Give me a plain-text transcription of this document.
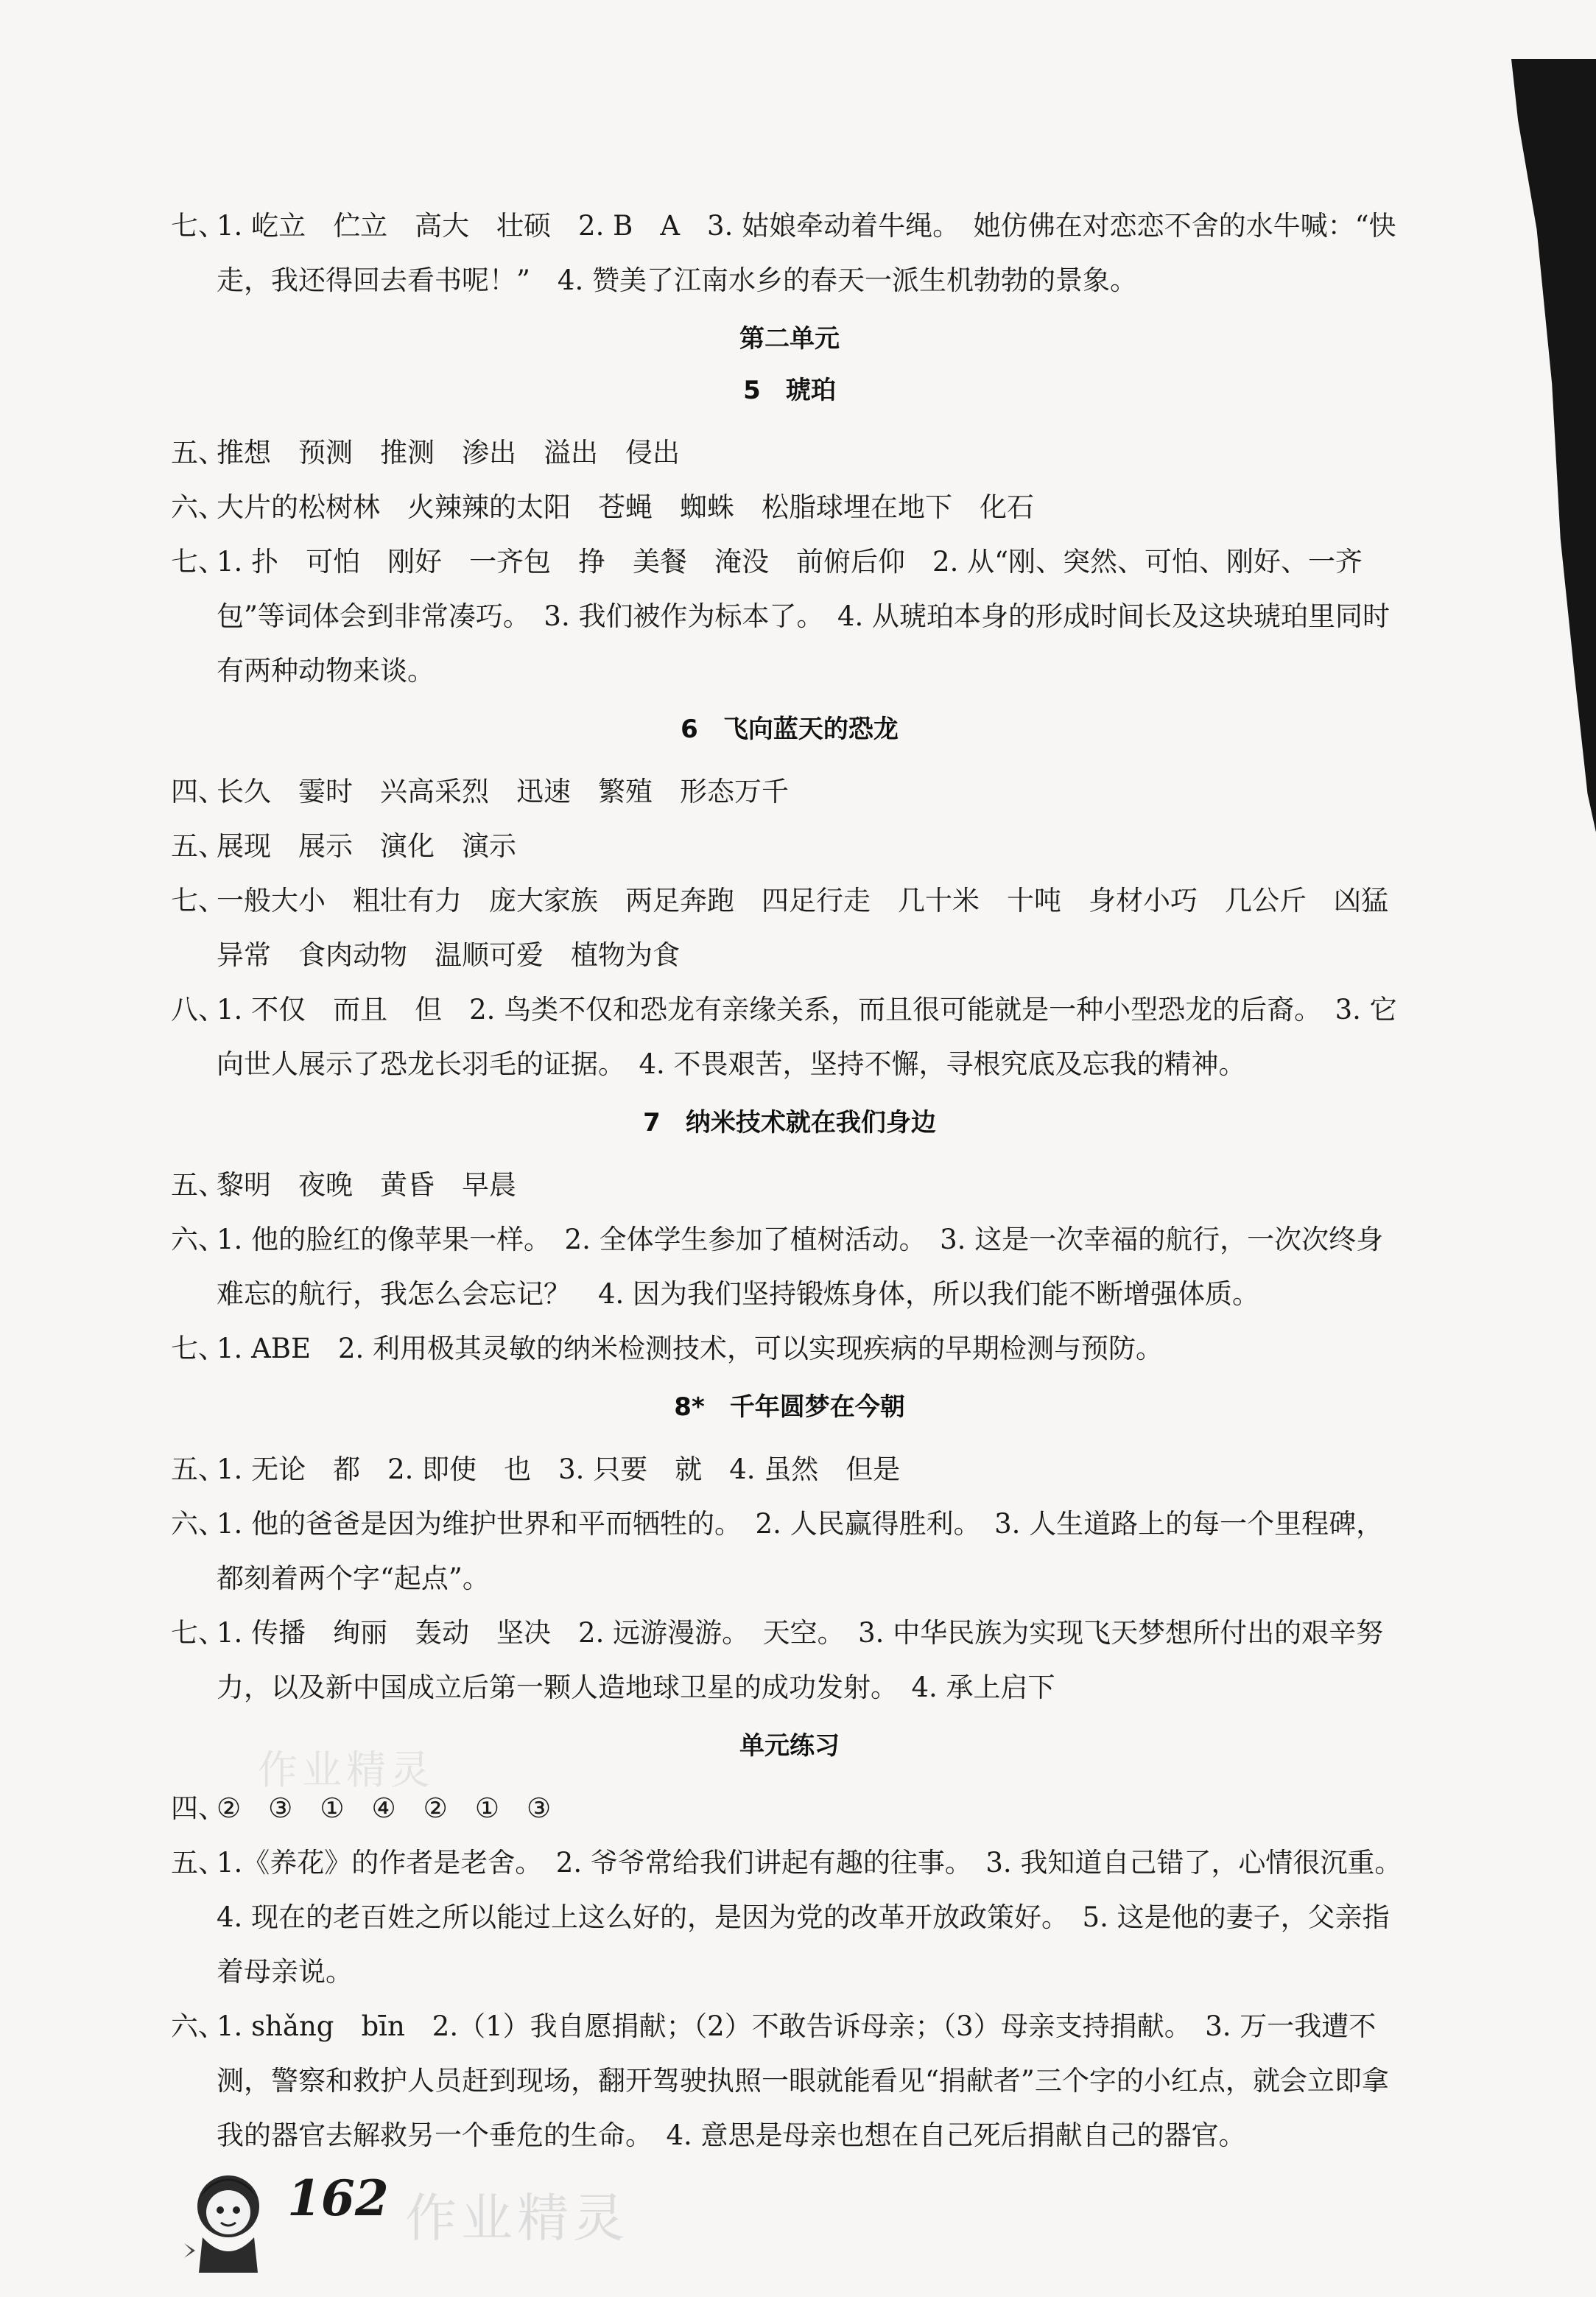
作业精灵
七、1. 屹立　伫立　高大　壮硕　2. B　A　3. 姑娘牵动着牛绳。　她仿佛在对恋恋不舍的水牛喊：“快走，我还得回去看书呢！”　4. 赞美了江南水乡的春天一派生机勃勃的景象。
第二单元
5　琥珀
五、推想　预测　推测　渗出　溢出　侵出
六、大片的松树林　火辣辣的太阳　苍蝇　蜘蛛　松脂球埋在地下　化石
七、1. 扑　可怕　刚好　一齐包　挣　美餐　淹没　前俯后仰　2. 从“刚、突然、可怕、刚好、一齐包”等词体会到非常凑巧。　3. 我们被作为标本了。　4. 从琥珀本身的形成时间长及这块琥珀里同时有两种动物来谈。
6　飞向蓝天的恐龙
四、长久　霎时　兴高采烈　迅速　繁殖　形态万千
五、展现　展示　演化　演示
七、一般大小　粗壮有力　庞大家族　两足奔跑　四足行走　几十米　十吨　身材小巧　几公斤　凶猛异常　食肉动物　温顺可爱　植物为食
八、1. 不仅　而且　但　2. 鸟类不仅和恐龙有亲缘关系，而且很可能就是一种小型恐龙的后裔。　3. 它向世人展示了恐龙长羽毛的证据。　4. 不畏艰苦，坚持不懈，寻根究底及忘我的精神。
7　纳米技术就在我们身边
五、黎明　夜晚　黄昏　早晨
六、1. 他的脸红的像苹果一样。　2. 全体学生参加了植树活动。　3. 这是一次幸福的航行，一次次终身难忘的航行，我怎么会忘记？　4. 因为我们坚持锻炼身体，所以我们能不断增强体质。
七、1. ABE　2. 利用极其灵敏的纳米检测技术，可以实现疾病的早期检测与预防。
8*　千年圆梦在今朝
五、1. 无论　都　2. 即使　也　3. 只要　就　4. 虽然　但是
六、1. 他的爸爸是因为维护世界和平而牺牲的。　2. 人民赢得胜利。　3. 人生道路上的每一个里程碑，都刻着两个字“起点”。
七、1. 传播　绚丽　轰动　坚决　2. 远游漫游。　天空。　3. 中华民族为实现飞天梦想所付出的艰辛努力，以及新中国成立后第一颗人造地球卫星的成功发射。　4. 承上启下
单元练习
四、②　③　①　④　②　①　③
五、1.《养花》的作者是老舍。　2. 爷爷常给我们讲起有趣的往事。　3. 我知道自己错了，心情很沉重。　4. 现在的老百姓之所以能过上这么好的，是因为党的改革开放政策好。　5. 这是他的妻子，父亲指着母亲说。
六、1. shǎng　bīn　2.（1）我自愿捐献；（2）不敢告诉母亲；（3）母亲支持捐献。　3. 万一我遭不测，警察和救护人员赶到现场，翻开驾驶执照一眼就能看见“捐献者”三个字的小红点，就会立即拿我的器官去解救另一个垂危的生命。　4. 意思是母亲也想在自己死后捐献自己的器官。
162 作业精灵
